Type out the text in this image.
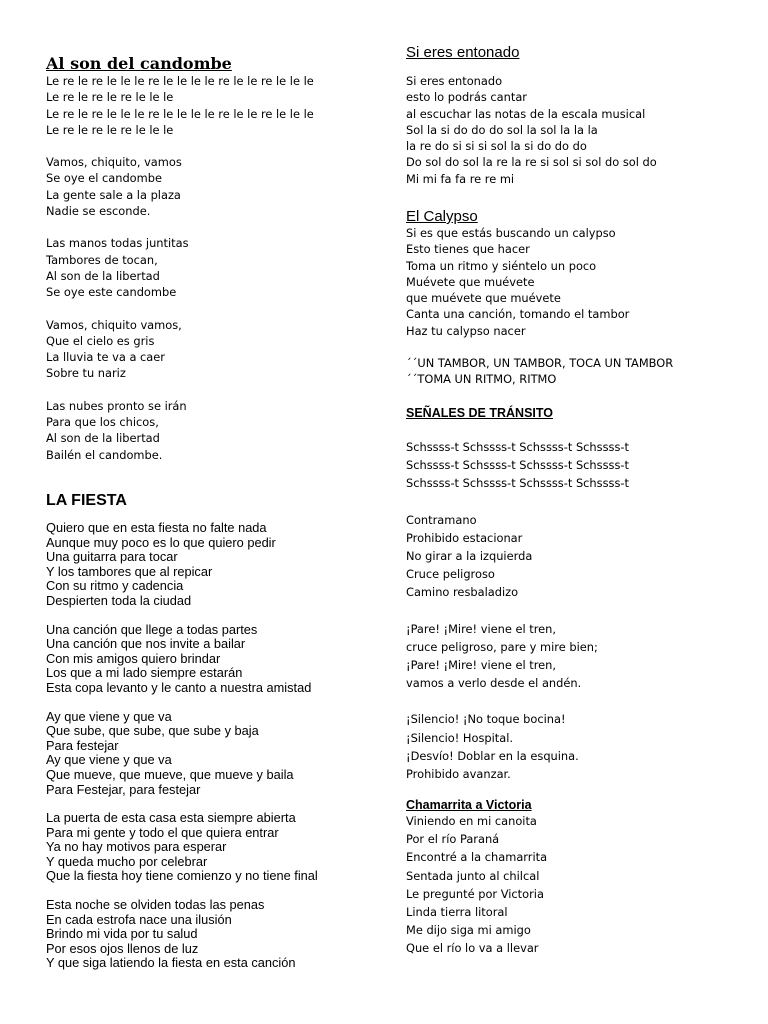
Al son del candombe
Le re le re le le le re le le le le re le le re le le le
Le re le re le re le le le
Le re le re le le le re le le le le re le le re le le le
Le re le re le re le le le
Vamos, chiquito, vamos
Se oye el candombe
La gente sale a la plaza
Nadie se esconde.
Las manos todas juntitas
Tambores de tocan,
Al son de la libertad
Se oye este candombe
Vamos, chiquito vamos,
Que el cielo es gris
La lluvia te va a caer
Sobre tu nariz
Las nubes pronto se irán
Para que los chicos,
Al son de la libertad
Bailén el candombe.
LA FIESTA
Quiero que en esta fiesta no falte nada
Aunque muy poco es lo que quiero pedir
Una guitarra para tocar
Y los tambores que al repicar
Con su ritmo y cadencia
Despierten toda la ciudad
Una canción que llege a todas partes
Una canción que nos invite a bailar
Con mis amigos quiero brindar
Los que a mi lado siempre estarán
Esta copa levanto y le canto a nuestra amistad
Ay que viene y que va
Que sube, que sube, que sube y baja
Para festejar
Ay que viene y que va
Que mueve, que mueve, que mueve y baila
Para Festejar, para festejar
La puerta de esta casa esta siempre abierta
Para mi gente y todo el que quiera entrar
Ya no hay motivos para esperar
Y queda mucho por celebrar
Que la fiesta hoy tiene comienzo y no tiene final
Esta noche se olviden todas las penas
En cada estrofa nace una ilusión
Brindo mi vida por tu salud
Por esos ojos llenos de luz
Y que siga latiendo la fiesta en esta canción
Si eres entonado
Si eres entonado
esto lo podrás cantar
al escuchar las notas de la escala musical
Sol la si do do do sol la sol la la la
la re do si si si sol la si do do do
Do sol do sol la re la re si sol si sol do sol do
Mi mi fa fa re re mi
El Calypso
Si es que estás buscando un calypso
Esto tienes que hacer
Toma un ritmo y siéntelo un poco
Muévete que muévete
que muévete que muévete
Canta una canción, tomando el tambor
Haz tu calypso nacer
´´UN TAMBOR, UN TAMBOR, TOCA UN TAMBOR
´´TOMA UN RITMO, RITMO
SEÑALES DE TRÁNSITO
Schssss-t Schssss-t Schssss-t Schssss-t
Schssss-t Schssss-t Schssss-t Schssss-t
Schssss-t Schssss-t Schssss-t Schssss-t
Contramano
Prohibido estacionar
No girar a la izquierda
Cruce peligroso
Camino resbaladizo
¡Pare! ¡Mire! viene el tren,
cruce peligroso, pare y mire bien;
¡Pare! ¡Mire! viene el tren,
vamos a verlo desde el andén.
¡Silencio! ¡No toque bocina!
¡Silencio! Hospital.
¡Desvío! Doblar en la esquina.
Prohibido avanzar.
Chamarrita a Victoria
Viniendo en mi canoita
Por el río Paraná
Encontré a la chamarrita
Sentada junto al chilcal
Le pregunté por Victoria
Linda tierra litoral
Me dijo siga mi amigo
Que el río lo va a llevar
